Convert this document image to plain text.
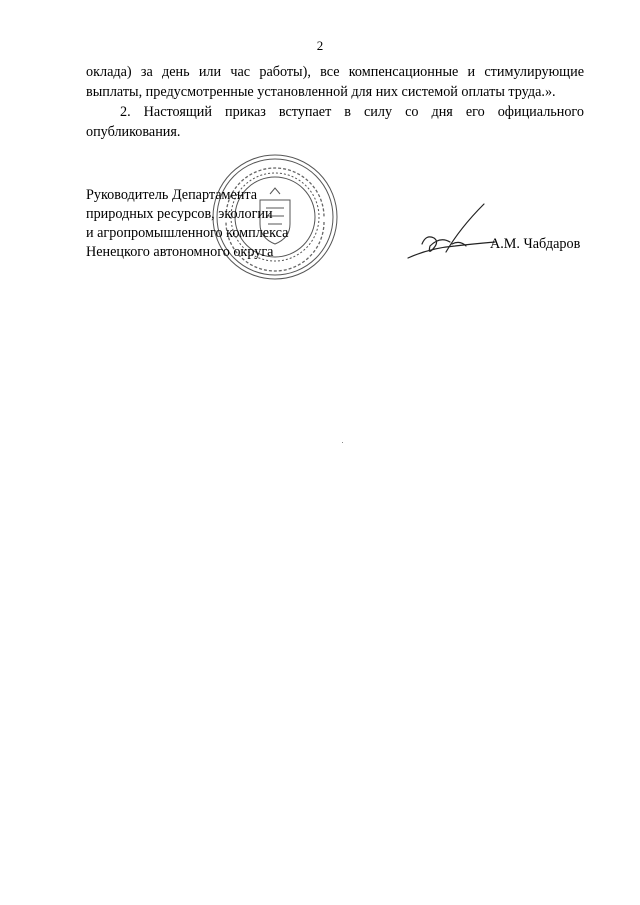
2

оклада) за день или час работы), все компенсационные и стимулирующие

выплаты, предусмотренные установленной для них системой оплаты труда.».

2. Настоящий приказ вступает в силу со дня его официального

опубликования.

Руководитель Департамента
природных ресурсов, экологии
и агропромышленного комплекса
Ненецкого автономного округа	А.М. Чабдаров
